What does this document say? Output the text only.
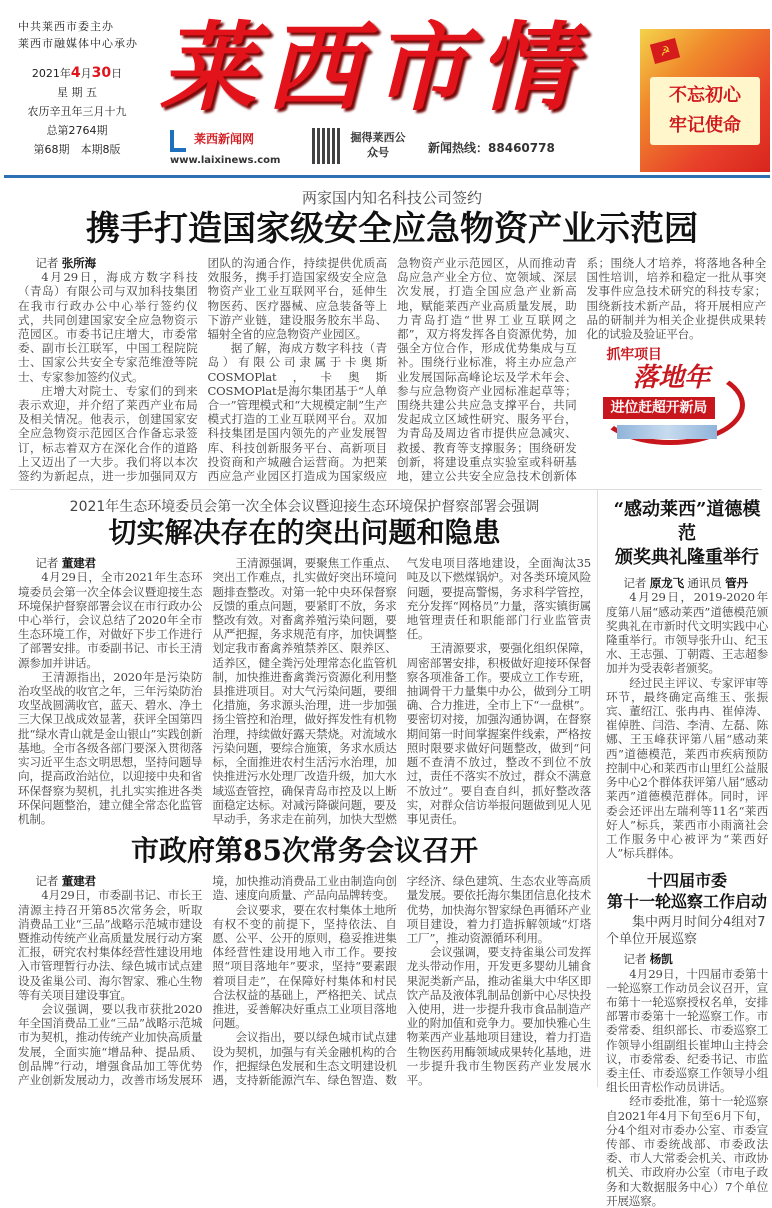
中共莱西市委主办
莱西市融媒体中心承办
2021年4月30日
星 期 五
农历辛丑年三月十九
总第2764期
第68期　本期8版
莱西市情
莱西新闻网
www.laixinews.com
掘得莱西公众号	新闻热线：88460778
☭
不忘初心
牢记使命
两家国内知名科技公司签约
携手打造国家级安全应急物资产业示范园

记者 张所海

4月29日，海成方数字科技（青岛）有限公司与双加科技集团在我市行政办公中心举行签约仪式，共同创建国家安全应急物资示范园区。市委书记庄增大，市委常委、副市长江联军，中国工程院院士、国家公共安全专家范维澄等院士、专家参加签约仪式。

庄增大对院士、专家们的到来表示欢迎，并介绍了莱西产业布局及相关情况。他表示，创建国家安全应急物资示范园区合作备忘录签订，标志着双方在深化合作的道路上又迈出了一大步。我们将以本次签约为新起点，进一步加强同双方团队的沟通合作，持续提供优质高效服务，携手打造国家级安全应急物资产业工业互联网平台，延伸生物医药、医疗器械、应急装备等上下游产业链，建设服务胶东半岛、辐射全省的应急物资产业园区。

据了解，海成方数字科技（青岛）有限公司隶属于卡奥斯COSMOPlat，卡奥斯COSMOPlat是海尔集团基于“人单合一”管理模式和“大规模定制”生产模式打造的工业互联网平台。双加科技集团是国内领先的产业发展智库、科技创新服务平台、高新项目投资商和产城融合运营商。为把莱西应急产业园区打造成为国家级应急物资产业示范园区，从而推动青岛应急产业全方位、宽领域、深层次发展，打造全国应急产业新高地，赋能莱西产业高质量发展，助力青岛打造“世界工业互联网之都”，双方将发挥各自资源优势，加强全方位合作，形成优势集成与互补。围绕行业标准，将主办应急产业发展国际高峰论坛及学术年会、参与应急物资产业园标准起草等；围绕共建公共应急支撑平台，共同发起成立区域性研究、服务平台，为青岛及周边省市提供应急减灾、救援、教育等支撑服务；围绕研发创新，将建设重点实验室或科研基地，建立公共安全应急技术创新体系；围绕人才培养，将落地各种全国性培训，培养和稳定一批从事突发事件应急技术研究的科技专家；围绕新技术新产品，将开展相应产品的研制并为相关企业提供成果转化的试验及验证平台。

抓牢项目
落地年
进位赶超开新局
2021年生态环境委员会第一次全体会议暨迎接生态环境保护督察部署会强调
切实解决存在的突出问题和隐患

记者 董建君

4月29日，全市2021年生态环境委员会第一次全体会议暨迎接生态环境保护督察部署会议在市行政办公中心举行，会议总结了2020年全市生态环境工作，对做好下步工作进行了部署安排。市委副书记、市长王清源参加并讲话。

王清源指出，2020年是污染防治攻坚战的收官之年，三年污染防治攻坚战圆满收官，蓝天、碧水、净土三大保卫战成效显著，获评全国第四批“绿水青山就是金山银山”实践创新基地。全市各级各部门要深入贯彻落实习近平生态文明思想，坚持问题导向，提高政治站位，以迎接中央和省环保督察为契机，扎扎实实推进各类环保问题整治，建立健全常态化监管机制。

王清源强调，要聚焦工作重点、突出工作难点，扎实做好突出环境问题排查整改。对第一轮中央环保督察反馈的重点问题，要紧盯不放，务求整改有效。对畜禽养殖污染问题，要从严把握，务求规范有序，加快调整划定我市畜禽养殖禁养区、限养区、适养区，健全粪污处理常态化监管机制，加快推进畜禽粪污资源化利用整县推进项目。对大气污染问题，要细化措施，务求源头治理，进一步加强扬尘管控和治理，做好挥发性有机物治理，持续做好露天禁烧。对流域水污染问题，要综合施策，务求水质达标，全面推进农村生活污水治理，加快推进污水处理厂改造升级，加大水域巡查管控，确保青岛市控及以上断面稳定达标。对减污降碳问题，要及早动手，务求走在前列，加快大型燃气发电项目落地建设，全面淘汰35吨及以下燃煤锅炉。对各类环境风险问题，要提高警惕，务求科学管控，充分发挥“网格员”力量，落实镇街属地管理责任和职能部门行业监管责任。

王清源要求，要强化组织保障，周密部署安排，积极做好迎接环保督察各项准备工作。要成立工作专班，抽调骨干力量集中办公，做到分工明确、合力推进，全市上下“一盘棋”。要密切对接，加强沟通协调，在督察期间第一时间掌握案件线索，严格按照时限要求做好问题整改，做到“问题不查清不放过，整改不到位不放过，责任不落实不放过，群众不满意不放过”。要自查自纠，抓好整改落实，对群众信访举报问题做到见人见事见责任。

市政府第85次常务会议召开

记者 董建君

4月29日，市委副书记、市长王清源主持召开第85次常务会，听取消费品工业“三品”战略示范城市建设暨推动传统产业高质量发展行动方案汇报，研究农村集体经营性建设用地入市管理暂行办法、绿色城市试点建设及雀巢公司、海尔智家、雅心生物等有关项目建设事宜。

会议强调，要以我市获批2020年全国消费品工业“三品”战略示范城市为契机，推动传统产业加快高质量发展，全面实施“增品种、提品质、创品牌”行动，增强食品加工等优势产业创新发展动力，改善市场发展环境，加快推动消费品工业由制造向创造、速度向质量、产品向品牌转变。

会议要求，要在农村集体土地所有权不变的前提下，坚持依法、自愿、公平、公开的原则，稳妥推进集体经营性建设用地入市工作。要按照“项目落地年”要求，坚持“要素跟着项目走”，在保障好村集体和村民合法权益的基础上，严格把关、试点推进，妥善解决好重点工业项目落地问题。

会议指出，要以绿色城市试点建设为契机，加强与有关金融机构的合作，把握绿色发展和生态文明建设机遇，支持新能源汽车、绿色智造、数字经济、绿色建筑、生态农业等高质量发展。要依托海尔集团信息化技术优势，加快海尔智家绿色再循环产业项目建设，着力打造拆解领域“灯塔工厂”，推动资源循环利用。

会议强调，要支持雀巢公司发挥龙头带动作用，开发更多婴幼儿辅食果泥类新产品，推动雀巢大中华区即饮产品及液体乳制品创新中心尽快投入使用，进一步提升我市食品制造产业的附加值和竞争力。要加快雅心生物莱西产业基地项目建设，着力打造生物医药用酶领域成果转化基地，进一步提升我市生物医药产业发展水平。

“感动莱西”道德模范
颁奖典礼隆重举行

记者 原龙飞 通讯员 管丹

4月29日，2019-2020年度第八届“感动莱西”道德模范颁奖典礼在市新时代文明实践中心隆重举行。市领导张升山、纪玉水、王志强、丁朝霞、王志超参加并为受表彰者颁奖。

经过民主评议、专家评审等环节，最终确定高维玉、张振宾、董绍江、张冉冉、崔倬涛、崔倬胜、闫浩、李清、左磊、陈娜、王玉峰获评第八届“感动莱西”道德模范，莱西市疾病预防控制中心和莱西市山里红公益服务中心2个群体获评第八届“感动莱西”道德模范群体。同时，评委会还评出左瑞利等11名“莱西好人”标兵，莱西市小雨滴社会工作服务中心被评为“莱西好人”标兵群体。

十四届市委
第十一轮巡察工作启动
集中两月时间分4组对7个单位开展巡察

记者 杨凯

4月29日，十四届市委第十一轮巡察工作动员会议召开，宣布第十一轮巡察授权名单，安排部署市委第十一轮巡察工作。市委常委、组织部长、市委巡察工作领导小组副组长崔坤山主持会议，市委常委、纪委书记、市监委主任、市委巡察工作领导小组组长田青松作动员讲话。

经市委批准，第十一轮巡察自2021年4月下旬至6月下旬，分4个组对市委办公室、市委宣传部、市委统战部、市委政法委、市人大常委会机关、市政协机关、市政府办公室（市电子政务和大数据服务中心）7个单位开展巡察。
